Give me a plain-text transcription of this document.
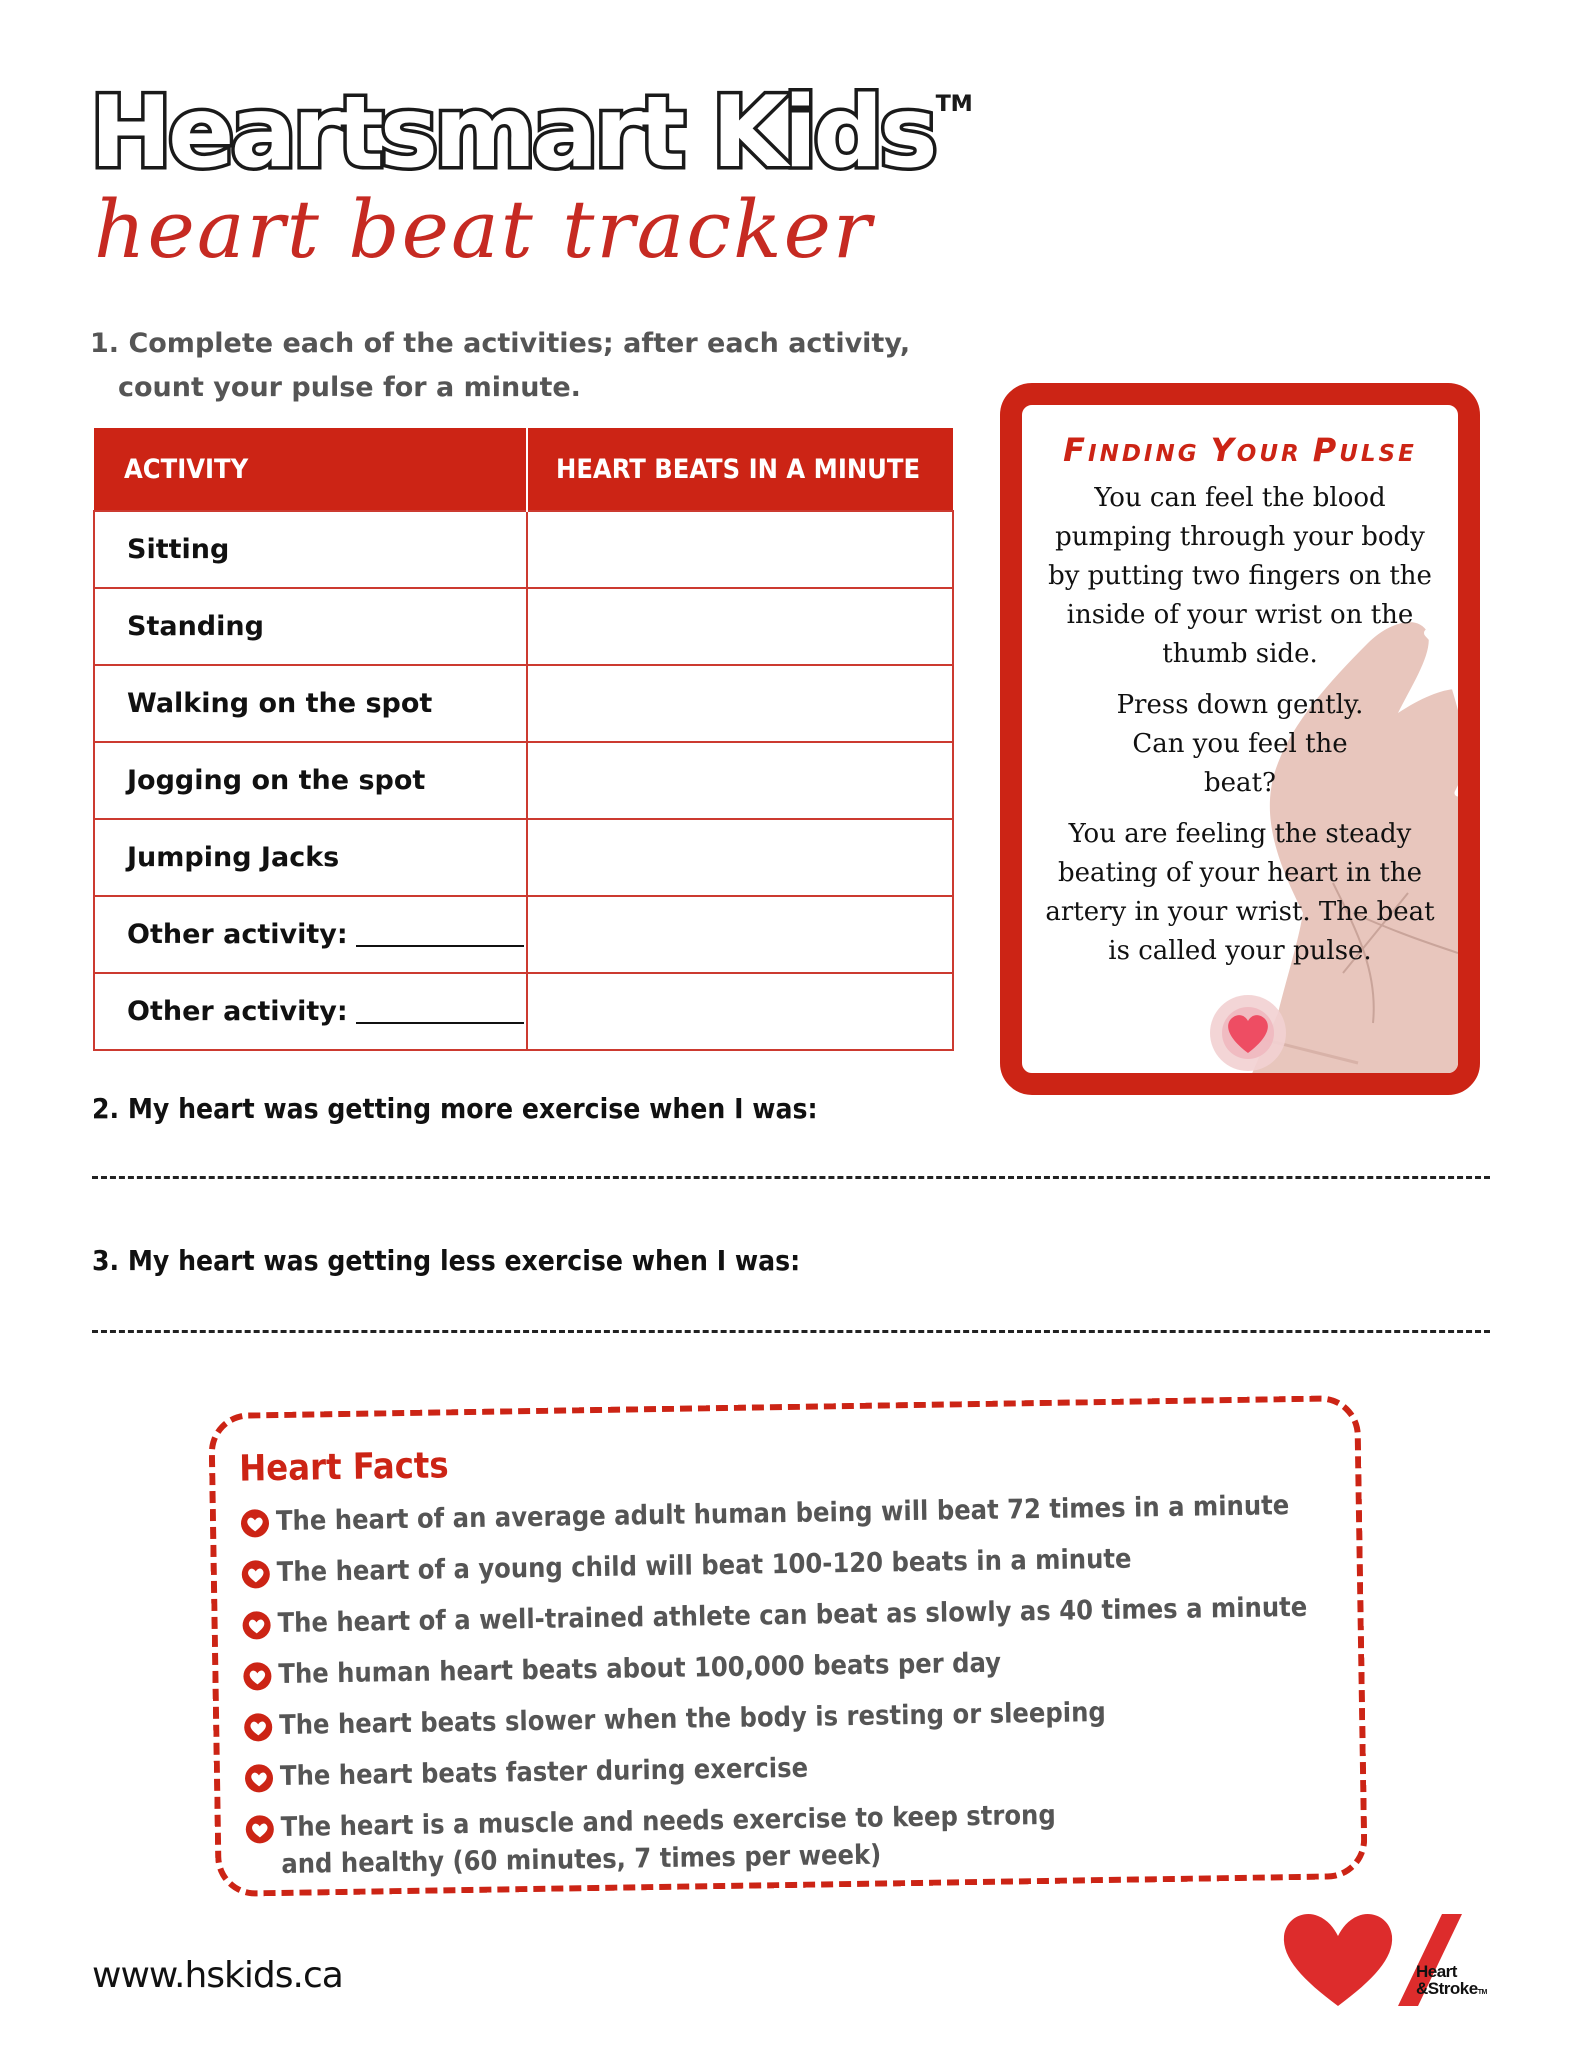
Heartsmart Kids™
heart beat tracker
1. Complete each of the activities; after each activity,
count your pulse for a minute.
ACTIVITY	HEART BEATS IN A MINUTE
Sitting	
Standing	
Walking on the spot	
Jogging on the spot	
Jumping Jacks	
Other activity:	
Other activity:	
FINDING YOUR PULSE

You can feel the blood pumping through your body by putting two fingers on the inside of your wrist on the thumb side.

Press down gently. Can you feel the beat?

You are feeling the steady beating of your heart in the artery in your wrist. The beat is called your pulse.

2. My heart was getting more exercise when I was:
3. My heart was getting less exercise when I was:
Heart Facts
The heart of an average adult human being will beat 72 times in a minute
The heart of a young child will beat 100-120 beats in a minute
The heart of a well-trained athlete can beat as slowly as 40 times a minute
The human heart beats about 100,000 beats per day
The heart beats slower when the body is resting or sleeping
The heart beats faster during exercise
The heart is a muscle and needs exercise to keep strong and healthy (60 minutes, 7 times per week)
www.hskids.ca	Heart
&StrokeTM
